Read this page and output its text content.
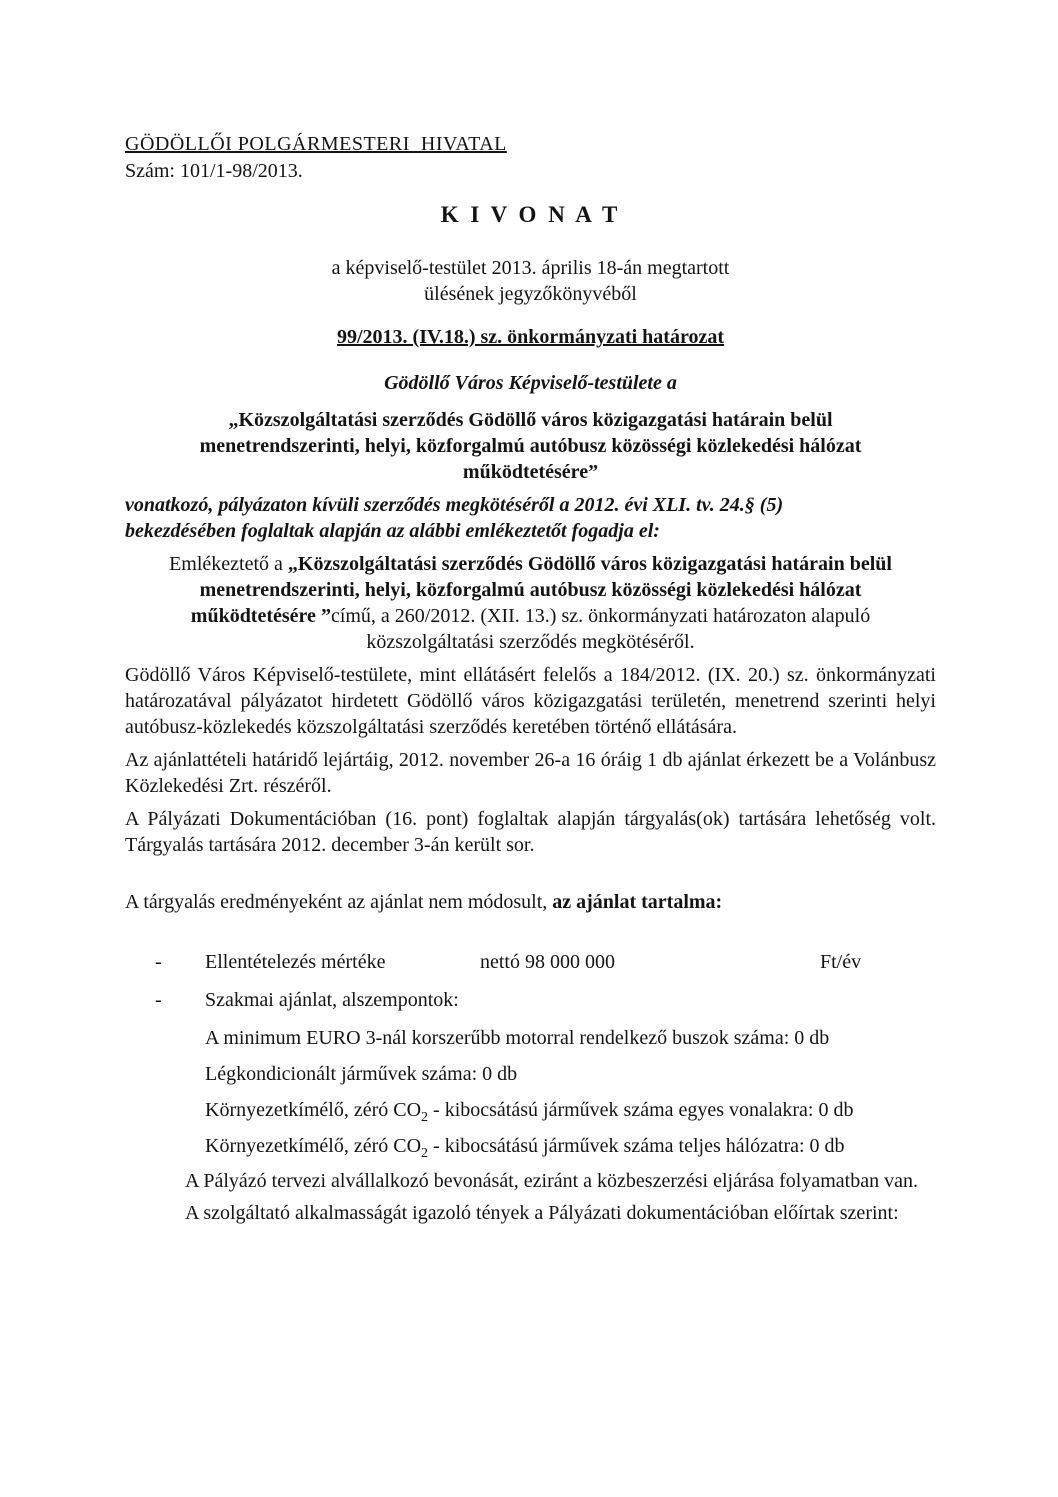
GÖDÖLLŐI POLGÁRMESTERI  HIVATAL
Szám: 101/1-98/2013.
K I V O N A T
a képviselő-testület 2013. április 18-án megtartott
ülésének jegyzőkönyvéből
99/2013. (IV.18.) sz. önkormányzati határozat
Gödöllő Város Képviselő-testülete a
„Közszolgáltatási szerződés Gödöllő város közigazgatási határain belül
menetrendszerinti, helyi, közforgalmú autóbusz közösségi közlekedési hálózat
működtetésére”
vonatkozó, pályázaton kívüli szerződés megkötéséről a 2012. évi XLI. tv. 24.§ (5)
bekezdésében foglaltak alapján az alábbi emlékeztetőt fogadja el:
Emlékeztető a „Közszolgáltatási szerződés Gödöllő város közigazgatási határain belül
menetrendszerinti, helyi, közforgalmú autóbusz közösségi közlekedési hálózat
működtetésére ”című, a 260/2012. (XII. 13.) sz. önkormányzati határozaton alapuló
közszolgáltatási szerződés megkötéséről.
Gödöllő Város Képviselő-testülete, mint ellátásért felelős a 184/2012. (IX. 20.) sz. önkormányzati határozatával pályázatot hirdetett Gödöllő város közigazgatási területén, menetrend szerinti helyi autóbusz-közlekedés közszolgáltatási szerződés keretében történő ellátására.
Az ajánlattételi határidő lejártáig, 2012. november 26-a 16 óráig 1 db ajánlat érkezett be a Volánbusz Közlekedési Zrt. részéről.
A Pályázati Dokumentációban (16. pont) foglaltak alapján tárgyalás(ok) tartására lehetőség volt. Tárgyalás tartására 2012. december 3-án került sor.
A tárgyalás eredményeként az ajánlat nem módosult, az ajánlat tartalma:
-	Ellentételezés mértéke	nettó 98 000 000	Ft/év
-	Szakmai ajánlat, alszempontok:
A minimum EURO 3-nál korszerűbb motorral rendelkező buszok száma: 0 db
Légkondicionált járművek száma: 0 db
Környezetkímélő, zéró $CO_2$ - kibocsátású járművek száma egyes vonalakra: 0 db
Környezetkímélő, zéró $CO_2$ - kibocsátású járművek száma teljes hálózatra: 0 db
A Pályázó tervezi alvállalkozó bevonását, eziránt a közbeszerzési eljárása folyamatban van.
A szolgáltató alkalmasságát igazoló tények a Pályázati dokumentációban előírtak szerint:
